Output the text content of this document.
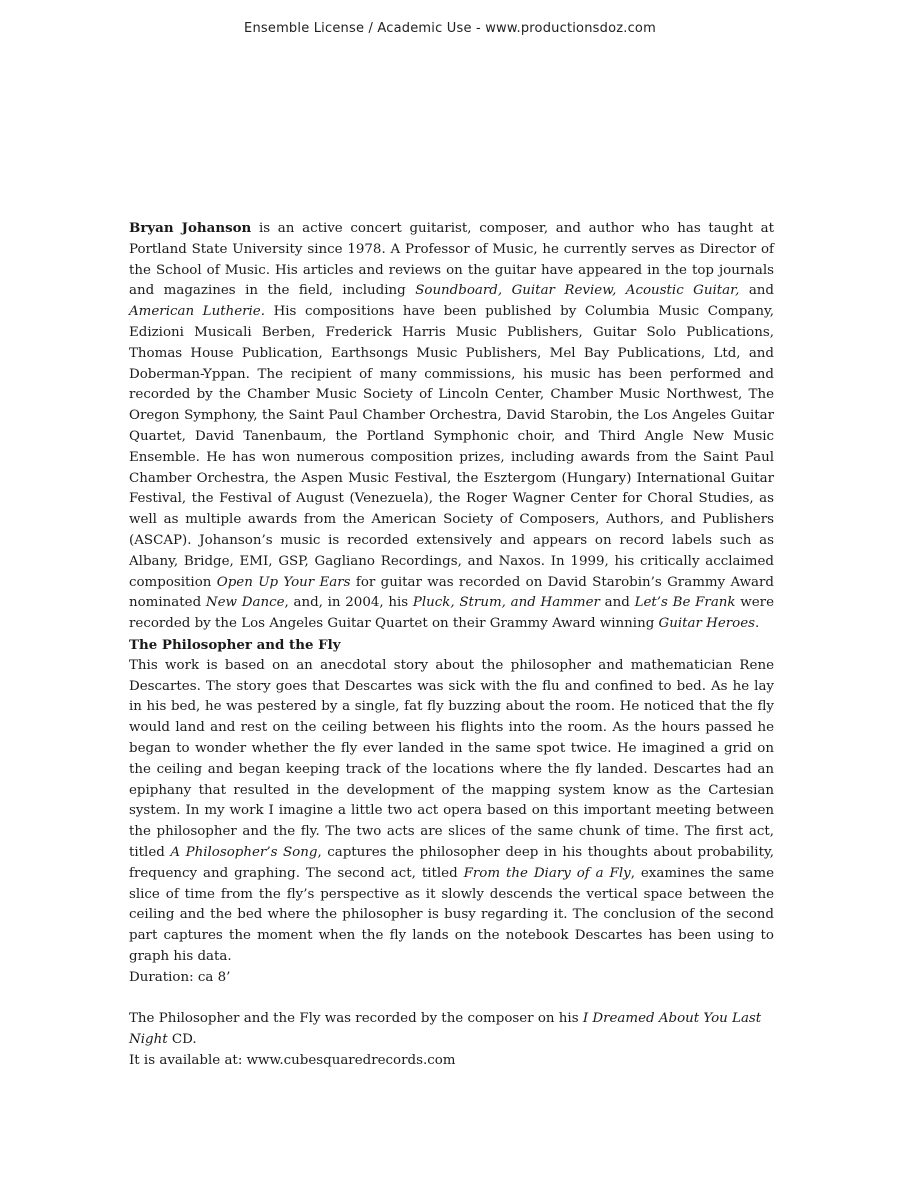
Ensemble License / Academic Use - www.productionsdoz.com

Bryan Johanson is an active concert guitarist, composer, and author who has taught at Portland State University since 1978. A Professor of Music, he currently serves as Director of the School of Music. His articles and reviews on the guitar have appeared in the top journals and magazines in the field, including Soundboard, Guitar Review, Acoustic Guitar, and American Lutherie. His compositions have been published by Columbia Music Company, Edizioni Musicali Berben, Frederick Harris Music Publishers, Guitar Solo Publications, Thomas House Publication, Earthsongs Music Publishers, Mel Bay Publications, Ltd, and Doberman-Yppan. The recipient of many commissions, his music has been performed and recorded by the Chamber Music Society of Lincoln Center, Chamber Music Northwest, The Oregon Symphony, the Saint Paul Chamber Orchestra, David Starobin, the Los Angeles Guitar Quartet, David Tanenbaum, the Portland Symphonic choir, and Third Angle New Music Ensemble. He has won numerous composition prizes, including awards from the Saint Paul Chamber Orchestra, the Aspen Music Festival, the Esztergom (Hungary) International Guitar Festival, the Festival of August (Venezuela), the Roger Wagner Center for Choral Studies, as well as multiple awards from the American Society of Composers, Authors, and Publishers (ASCAP). Johanson’s music is recorded extensively and appears on record labels such as Albany, Bridge, EMI, GSP, Gagliano Recordings, and Naxos. In 1999, his critically acclaimed composition Open Up Your Ears for guitar was recorded on David Starobin’s Grammy Award nominated New Dance, and, in 2004, his Pluck, Strum, and Hammer and Let’s Be Frank were recorded by the Los Angeles Guitar Quartet on their Grammy Award winning Guitar Heroes.

The Philosopher and the Fly

This work is based on an anecdotal story about the philosopher and mathematician Rene Descartes. The story goes that Descartes was sick with the flu and confined to bed. As he lay in his bed, he was pestered by a single, fat fly buzzing about the room. He noticed that the fly would land and rest on the ceiling between his flights into the room. As the hours passed he began to wonder whether the fly ever landed in the same spot twice. He imagined a grid on the ceiling and began keeping track of the locations where the fly landed. Descartes had an epiphany that resulted in the development of the mapping system know as the Cartesian system. In my work I imagine a little two act opera based on this important meeting between the philosopher and the fly. The two acts are slices of the same chunk of time. The first act, titled A Philosopher’s Song, captures the philosopher deep in his thoughts about probability, frequency and graphing. The second act, titled From the Diary of a Fly, examines the same slice of time from the fly’s perspective as it slowly descends the vertical space between the ceiling and the bed where the philosopher is busy regarding it. The conclusion of the second part captures the moment when the fly lands on the notebook Descartes has been using to graph his data.

Duration: ca 8’

The Philosopher and the Fly was recorded by the composer on his I Dreamed About You Last Night CD.
It is available at: www.cubesquaredrecords.com
